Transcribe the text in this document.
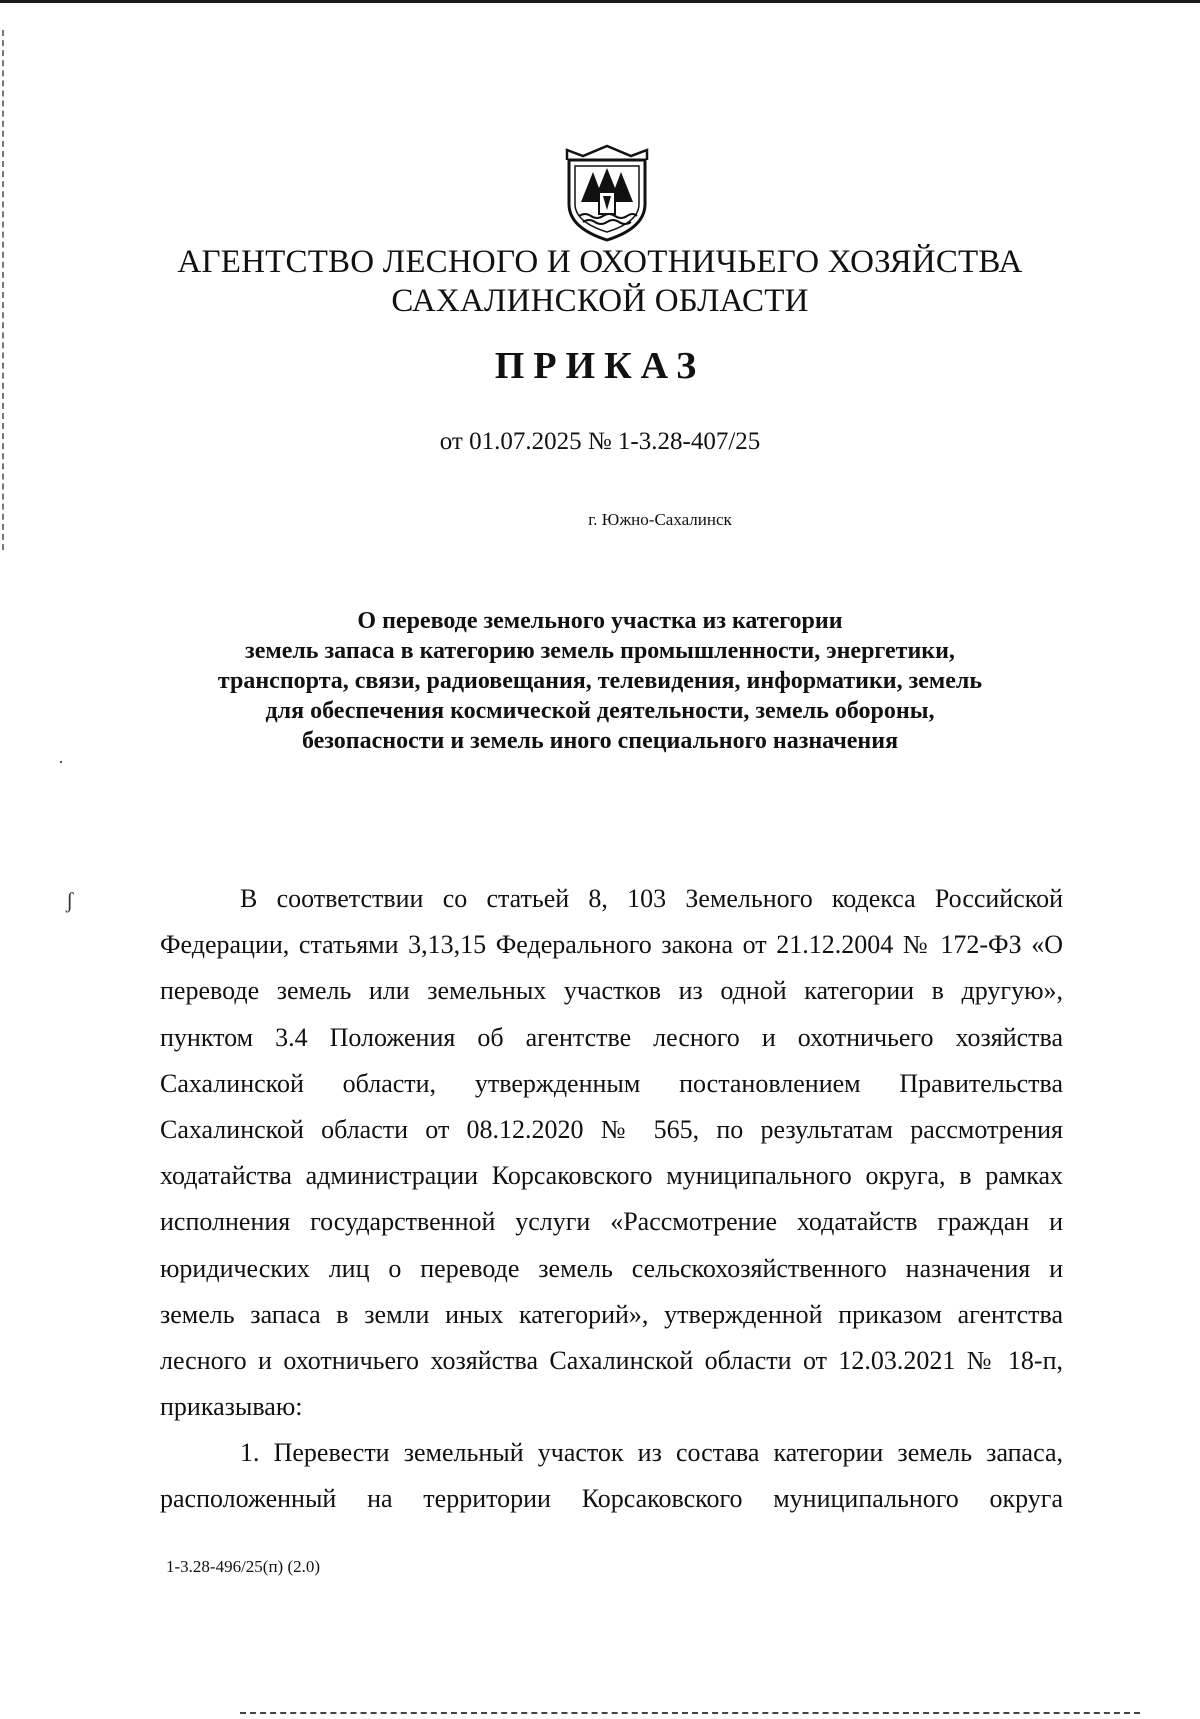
·
ʃ
АГЕНТСТВО ЛЕСНОГО И ОХОТНИЧЬЕГО ХОЗЯЙСТВА
САХАЛИНСКОЙ ОБЛАСТИ
ПРИКАЗ
от 01.07.2025 № 1-3.28-407/25
г. Южно-Сахалинск
О переводе земельного участка из категории
земель запаса в категорию земель промышленности, энергетики,
транспорта, связи, радиовещания, телевидения, информатики, земель
для обеспечения космической деятельности, земель обороны,
безопасности и земель иного специального назначения
В соответствии со статьей 8, 103 Земельного кодекса Российской
Федерации, статьями 3,13,15 Федерального закона от 21.12.2004 № 172-ФЗ «О
переводе земель или земельных участков из одной категории в другую»,
пунктом 3.4 Положения об агентстве лесного и охотничьего хозяйства
Сахалинской области, утвержденным постановлением Правительства
Сахалинской области от 08.12.2020 № 565, по результатам рассмотрения
ходатайства администрации Корсаковского муниципального округа, в рамках
исполнения государственной услуги «Рассмотрение ходатайств граждан и
юридических лиц о переводе земель сельскохозяйственного назначения и
земель запаса в земли иных категорий», утвержденной приказом агентства
лесного и охотничьего хозяйства Сахалинской области от 12.03.2021 № 18-п,
приказываю:
1. Перевести земельный участок из состава категории земель запаса,
расположенный на территории Корсаковского муниципального округа
1-3.28-496/25(п) (2.0)
